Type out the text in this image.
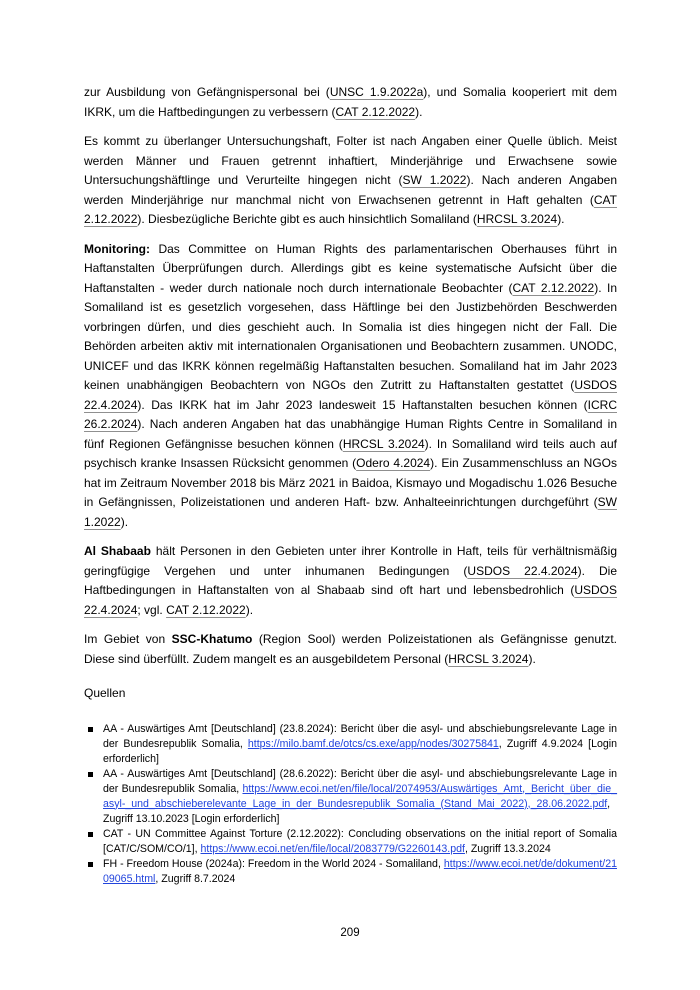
zur Ausbildung von Gefängnispersonal bei (UNSC 1.9.2022a), und Somalia kooperiert mit dem IKRK, um die Haftbedingungen zu verbessern (CAT 2.12.2022).

Es kommt zu überlanger Untersuchungshaft, Folter ist nach Angaben einer Quelle üblich. Meist werden Männer und Frauen getrennt inhaftiert, Minderjährige und Erwachsene sowie Untersuchungshäftlinge und Verurteilte hingegen nicht (SW 1.2022). Nach anderen Angaben werden Minderjährige nur manchmal nicht von Erwachsenen getrennt in Haft gehalten (CAT 2.12.2022). Diesbezügliche Berichte gibt es auch hinsichtlich Somaliland (HRCSL 3.2024).

Monitoring: Das Committee on Human Rights des parlamentarischen Oberhauses führt in Haftanstalten Überprüfungen durch. Allerdings gibt es keine systematische Aufsicht über die Haftanstalten - weder durch nationale noch durch internationale Beobachter (CAT 2.12.2022). In Somaliland ist es gesetzlich vorgesehen, dass Häftlinge bei den Justizbehörden Beschwerden vorbringen dürfen, und dies geschieht auch. In Somalia ist dies hingegen nicht der Fall. Die Behörden arbeiten aktiv mit internationalen Organisationen und Beobachtern zusammen. UNODC, UNICEF und das IKRK können regelmäßig Haftanstalten besuchen. Somaliland hat im Jahr 2023 keinen unabhängigen Beobachtern von NGOs den Zutritt zu Haftanstalten gestattet (USDOS 22.4.2024). Das IKRK hat im Jahr 2023 landesweit 15 Haftanstalten besuchen können (ICRC 26.2.2024). Nach anderen Angaben hat das unabhängige Human Rights Centre in Somaliland in fünf Regionen Gefängnisse besuchen können (HRCSL 3.2024). In Somaliland wird teils auch auf psychisch kranke Insassen Rücksicht genommen (Odero 4.2024). Ein Zusammenschluss an NGOs hat im Zeitraum November 2018 bis März 2021 in Baidoa, Kismayo und Mogadischu 1.026 Besuche in Gefängnissen, Polizeistationen und anderen Haft- bzw. Anhalteeinrichtungen durchgeführt (SW 1.2022).

Al Shabaab hält Personen in den Gebieten unter ihrer Kontrolle in Haft, teils für verhältnismäßig geringfügige Vergehen und unter inhumanen Bedingungen (USDOS 22.4.2024). Die Haftbedingungen in Haftanstalten von al Shabaab sind oft hart und lebensbedrohlich (USDOS 22.4.2024; vgl. CAT 2.12.2022).

Im Gebiet von SSC-Khatumo (Region Sool) werden Polizeistationen als Gefängnisse genutzt. Diese sind überfüllt. Zudem mangelt es an ausgebildetem Personal (HRCSL 3.2024).

Quellen
AA - Auswärtiges Amt [Deutschland] (23.8.2024): Bericht über die asyl- und abschiebungsrelevante Lage in der Bundesrepublik Somalia, https://milo.bamf.de/otcs/cs.exe/app/nodes/30275841, Zugriff 4.9.2024 [Login erforderlich]
AA - Auswärtiges Amt [Deutschland] (28.6.2022): Bericht über die asyl- und abschiebungsrelevante Lage in der Bundesrepublik Somalia, https://www.ecoi.net/en/file/local/2074953/Auswärtiges_Amt,_Bericht_über_die_asyl-_und_abschieberelevante_Lage_in_der_Bundesrepublik_Somalia_(Stand_Mai_2022),_28.06.2022.pdf, Zugriff 13.10.2023 [Login erforderlich]
CAT - UN Committee Against Torture (2.12.2022): Concluding observations on the initial report of Somalia [CAT/C/SOM/CO/1], https://www.ecoi.net/en/file/local/2083779/G2260143.pdf, Zugriff 13.3.2024
FH - Freedom House (2024a): Freedom in the World 2024 - Somaliland, https://www.ecoi.net/de/dokument/2109065.html, Zugriff 8.7.2024
209
